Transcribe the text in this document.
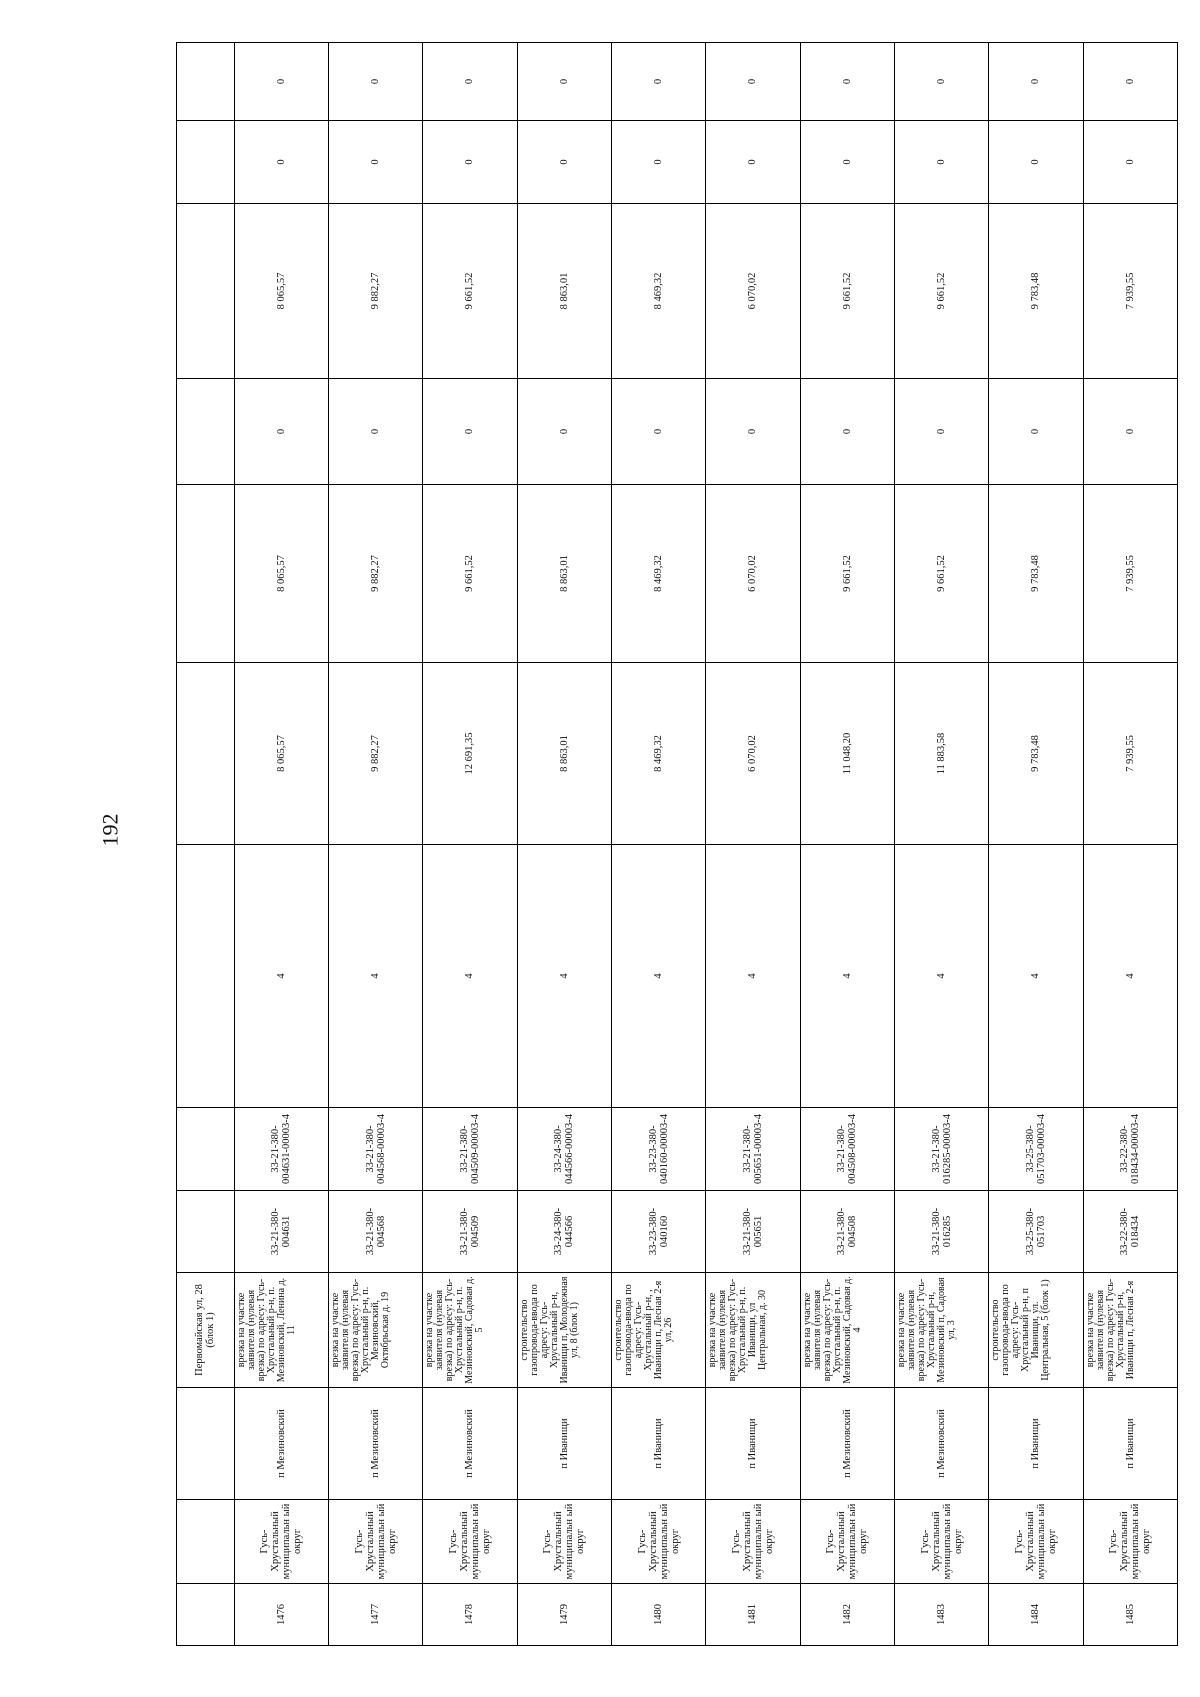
192
			Первомайская ул, 28 (блок 1)									
1476	Гусь-Хрустальный муниципальн ый округ	п Мезиновский	врезка на участке заявителя (нулевая врезка) по адресу: Гусь-Хрустальный р-н, п. Мезиновский, Ленина д. 11	33-21-380-004631	33-21-380-004631-00003-4	4	8 065,57	8 065,57	0	8 065,57	0	0
1477	Гусь-Хрустальный муниципальн ый округ	п Мезиновский	врезка на участке заявителя (нулевая врезка) по адресу: Гусь-Хрустальный р-н, п. Мезиновский, Октябрьская д. 19	33-21-380-004568	33-21-380-004568-00003-4	4	9 882,27	9 882,27	0	9 882,27	0	0
1478	Гусь-Хрустальный муниципальн ый округ	п Мезиновский	врезка на участке заявителя (нулевая врезка) по адресу: Гусь-Хрустальный р-н, п. Мезиновский, Садовая д. 5	33-21-380-004509	33-21-380-004509-00003-4	4	12 691,35	9 661,52	0	9 661,52	0	0
1479	Гусь-Хрустальный муниципальн ый округ	п Иванищи	строительство газопровода-ввода по адресу: Гусь-Хрустальный р-н, Иванищи п, Молодежная ул, 8 (блок 1)	33-24-380-044566	33-24-380-044566-00003-4	4	8 863,01	8 863,01	0	8 863,01	0	0
1480	Гусь-Хрустальный муниципальн ый округ	п Иванищи	строительство газопровода-ввода по адресу: Гусь-Хрустальный р-н, , Иванищи п, Лесная 2-я ул, 26	33-23-380-040160	33-23-380-040160-00003-4	4	8 469,32	8 469,32	0	8 469,32	0	0
1481	Гусь-Хрустальный муниципальн ый округ	п Иванищи	врезка на участке заявителя (нулевая врезка) по адресу: Гусь-Хрустальный р-н, п. Иванищи, ул Центральная, д. 30	33-21-380-005651	33-21-380-005651-00003-4	4	6 070,02	6 070,02	0	6 070,02	0	0
1482	Гусь-Хрустальный муниципальн ый округ	п Мезиновский	врезка на участке заявителя (нулевая врезка) по адресу: Гусь-Хрустальный р-н, п. Мезиновский, Садовая д. 4	33-21-380-004508	33-21-380-004508-00003-4	4	11 048,20	9 661,52	0	9 661,52	0	0
1483	Гусь-Хрустальный муниципальн ый округ	п Мезиновский	врезка на участке заявителя (нулевая врезка) по адресу: Гусь-Хрустальный р-н, Мезиновский п, Садовая ул, 3	33-21-380-016285	33-21-380-016285-00003-4	4	11 883,58	9 661,52	0	9 661,52	0	0
1484	Гусь-Хрустальный муниципальн ый округ	п Иванищи	строительство газопровода-ввода по адресу: Гусь-Хрустальный р-н, п Иванищи, ул. Центральная, 5 (блок 1)	33-25-380-051703	33-25-380-051703-00003-4	4	9 783,48	9 783,48	0	9 783,48	0	0
1485	Гусь-Хрустальный муниципальн ый округ	п Иванищи	врезка на участке заявителя (нулевая врезка) по адресу: Гусь-Хрустальный р-н, Иванищи п, Лесная 2-я	33-22-380-018434	33-22-380-018434-00003-4	4	7 939,55	7 939,55	0	7 939,55	0	0
